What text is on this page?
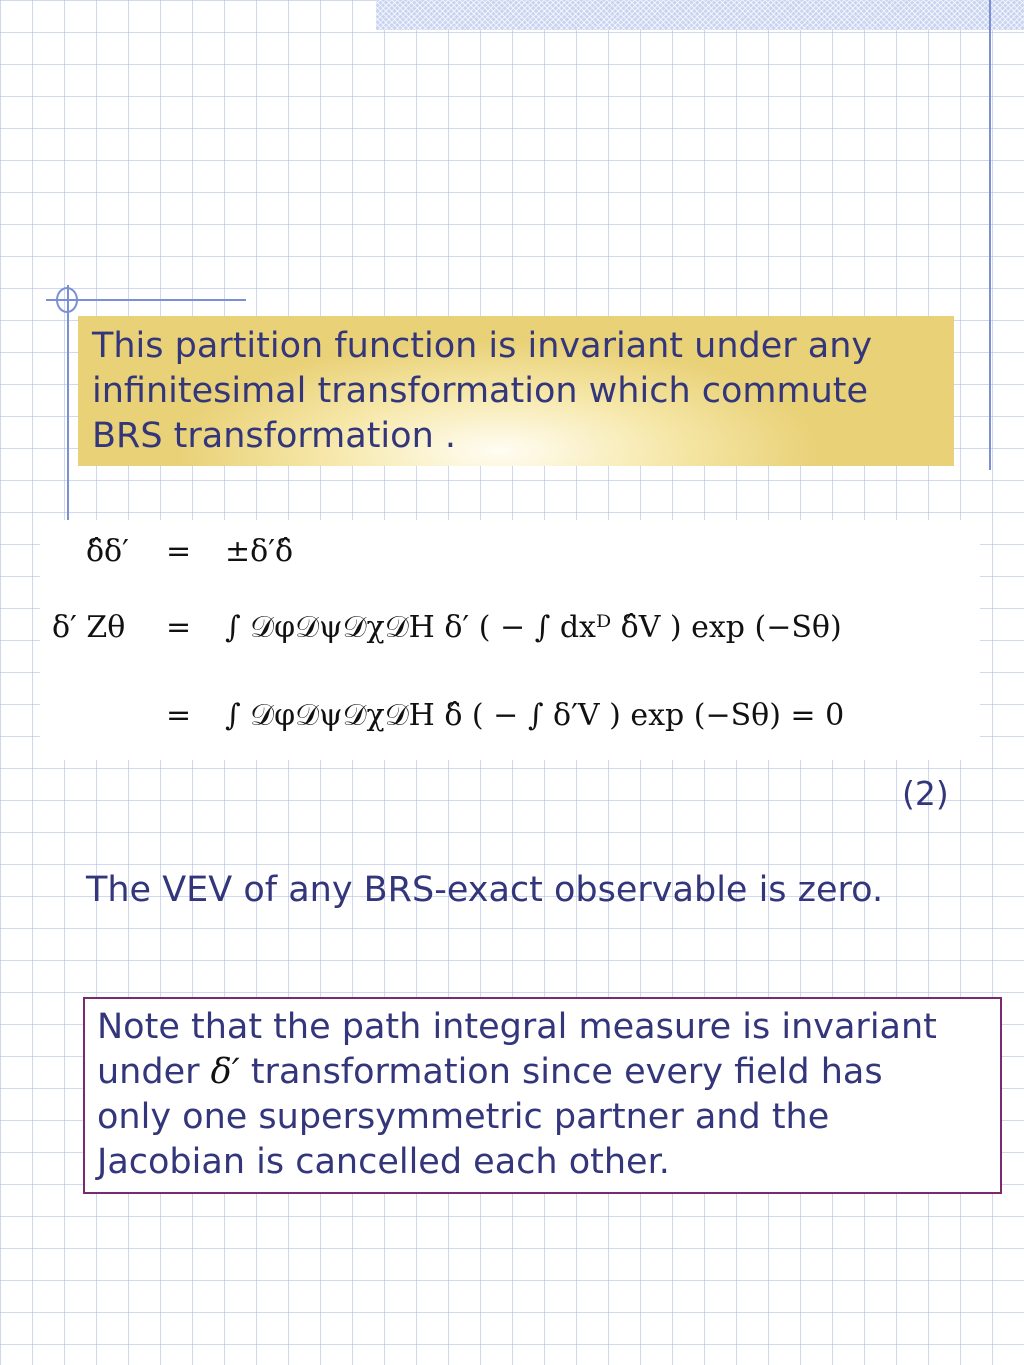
This partition function is invariant under any infinitesimal transformation which commute BRS transformation .
δ̂δ′ = ±δ′δ̂
δ′ Zθ = ∫ 𝒟φ𝒟ψ𝒟χ𝒟H δ′ ( − ∫ dxᴰ δ̂V ) exp (−Sθ)
= ∫ 𝒟φ𝒟ψ𝒟χ𝒟H δ̂ ( − ∫ δ′V ) exp (−Sθ) = 0
(2)
The VEV of any BRS-exact observable is zero.
Note that the path integral measure is invariant
under δ′ transformation since every field has
only one supersymmetric partner and the
Jacobian is cancelled each other.
